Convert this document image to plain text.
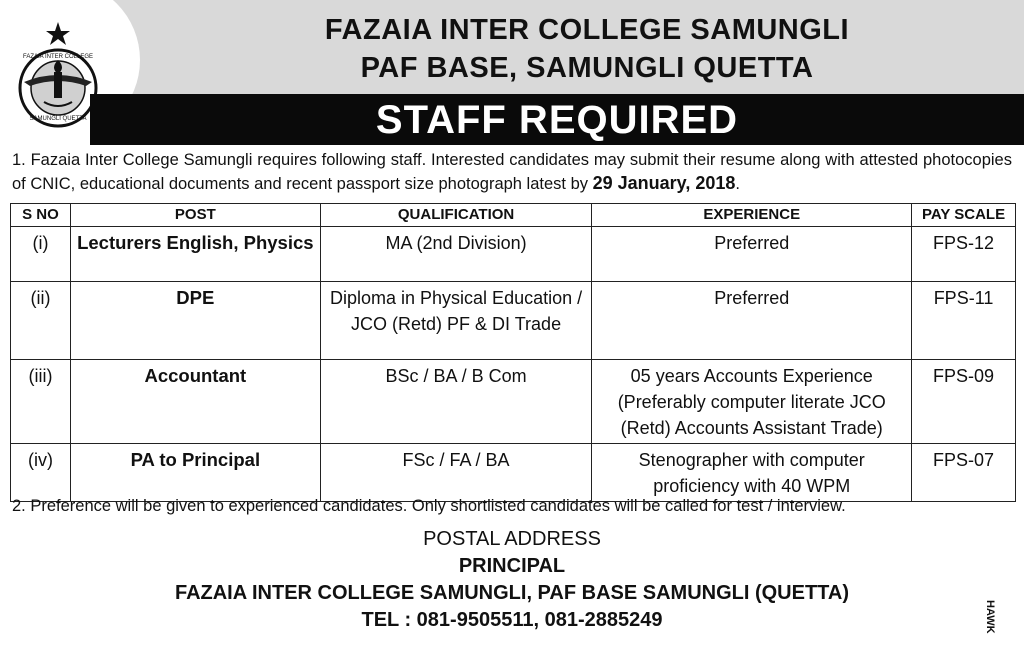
FAZAIA INTER COLLEGE
SAMUNGLI QUETTA
FAZAIA INTER COLLEGE SAMUNGLI
PAF BASE, SAMUNGLI QUETTA
STAFF REQUIRED
1. Fazaia Inter College Samungli requires following staff. Interested candidates may submit their resume along with attested photocopies of CNIC, educational documents and recent passport size photograph latest by 29 January, 2018.
S NO	POST	QUALIFICATION	EXPERIENCE	PAY SCALE
(i)	Lecturers English, Physics	MA (2nd Division)	Preferred	FPS-12
(ii)	DPE	Diploma in Physical Education / JCO (Retd) PF & DI Trade	Preferred	FPS-11
(iii)	Accountant	BSc / BA / B Com	05 years Accounts Experience (Preferably computer literate JCO (Retd) Accounts Assistant Trade)	FPS-09
(iv)	PA to Principal	FSc / FA / BA	Stenographer with computer proficiency with 40 WPM	FPS-07
2. Preference will be given to experienced candidates. Only shortlisted candidates will be called for test / interview.
POSTAL ADDRESS
PRINCIPAL
FAZAIA INTER COLLEGE SAMUNGLI, PAF BASE SAMUNGLI (QUETTA)
TEL : 081-9505511, 081-2885249	HAWK
